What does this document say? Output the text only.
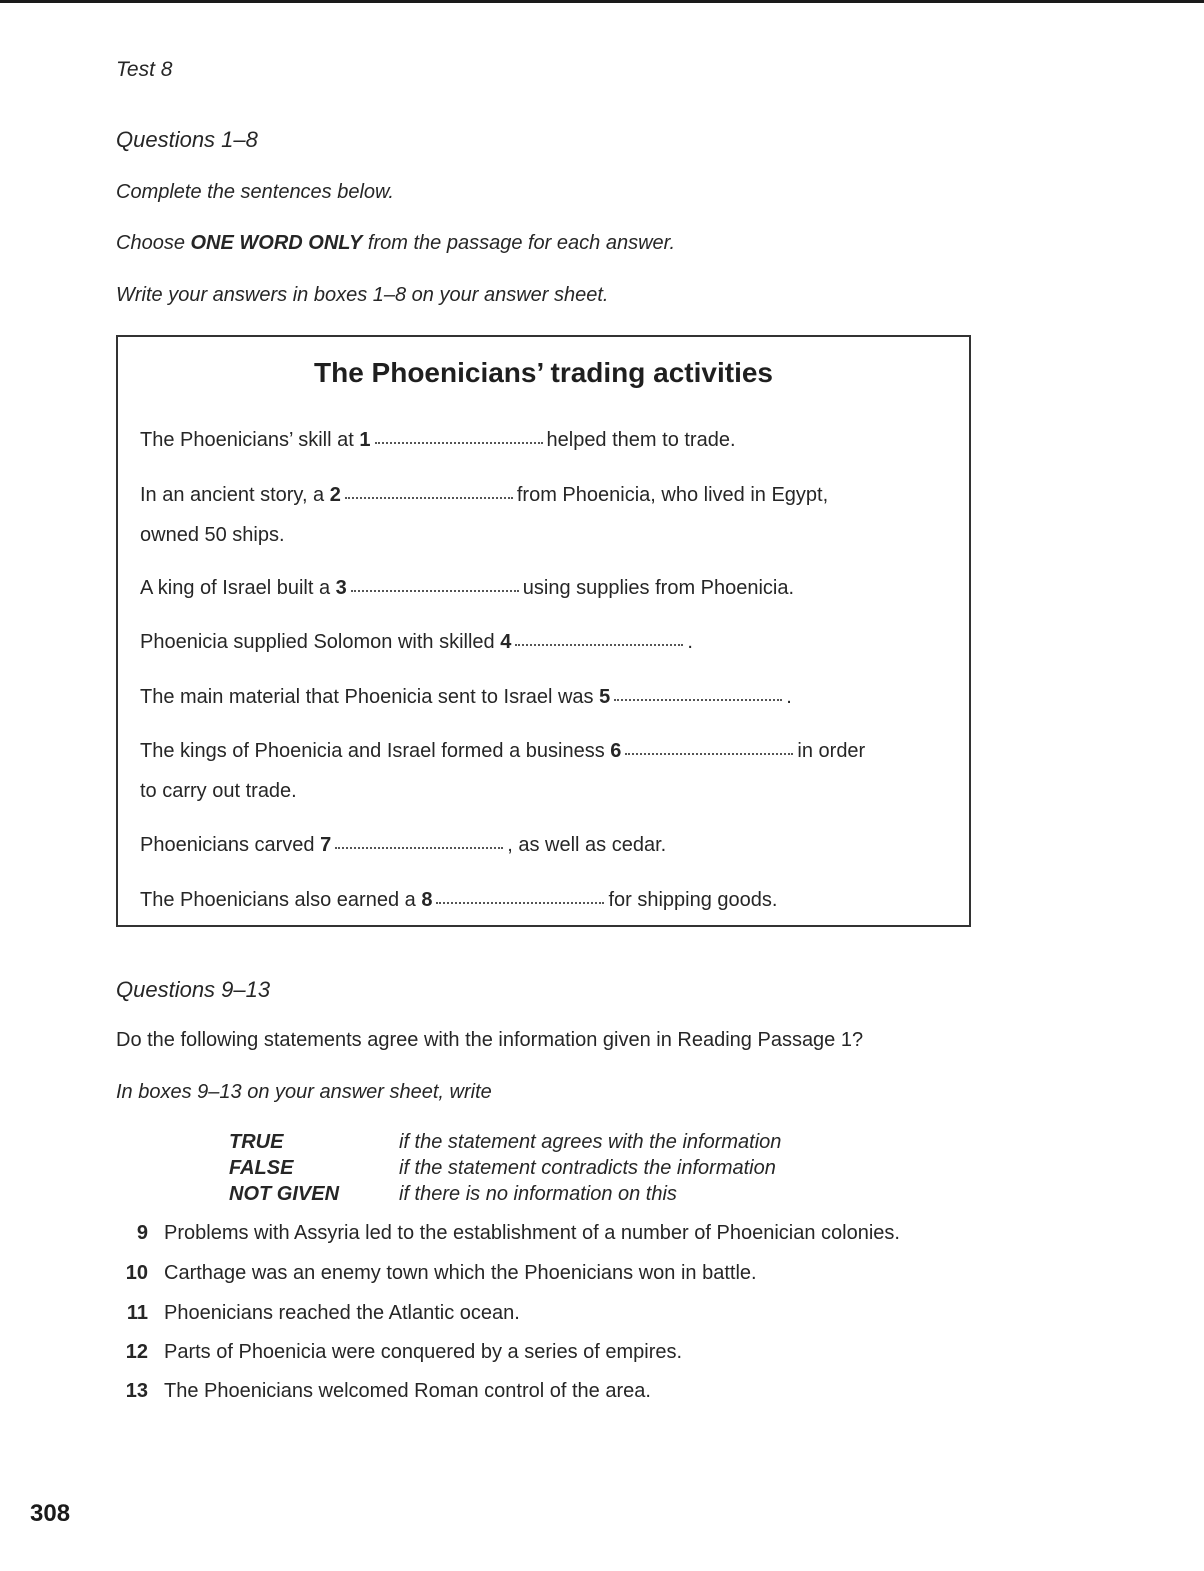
Test 8
Questions 1–8
Complete the sentences below.
Choose ONE WORD ONLY from the passage for each answer.
Write your answers in boxes 1–8 on your answer sheet.
The Phoenicians’ trading activities
The Phoenicians’ skill at 1	helped them to trade.
In an ancient story, a 2	from Phoenicia, who lived in Egypt,
owned 50 ships.
A king of Israel built a 3	using supplies from Phoenicia.
Phoenicia supplied Solomon with skilled 4	.
The main material that Phoenicia sent to Israel was 5	.
The kings of Phoenicia and Israel formed a business 6	in order
to carry out trade.
Phoenicians carved 7	, as well as cedar.
The Phoenicians also earned a 8	for shipping goods.
Questions 9–13
Do the following statements agree with the information given in Reading Passage 1?
In boxes 9–13 on your answer sheet, write
TRUE	if the statement agrees with the information
FALSE	if the statement contradicts the information
NOT GIVEN	if there is no information on this
9 Problems with Assyria led to the establishment of a number of Phoenician colonies.
10 Carthage was an enemy town which the Phoenicians won in battle.
11 Phoenicians reached the Atlantic ocean.
12 Parts of Phoenicia were conquered by a series of empires.
13 The Phoenicians welcomed Roman control of the area.
308
